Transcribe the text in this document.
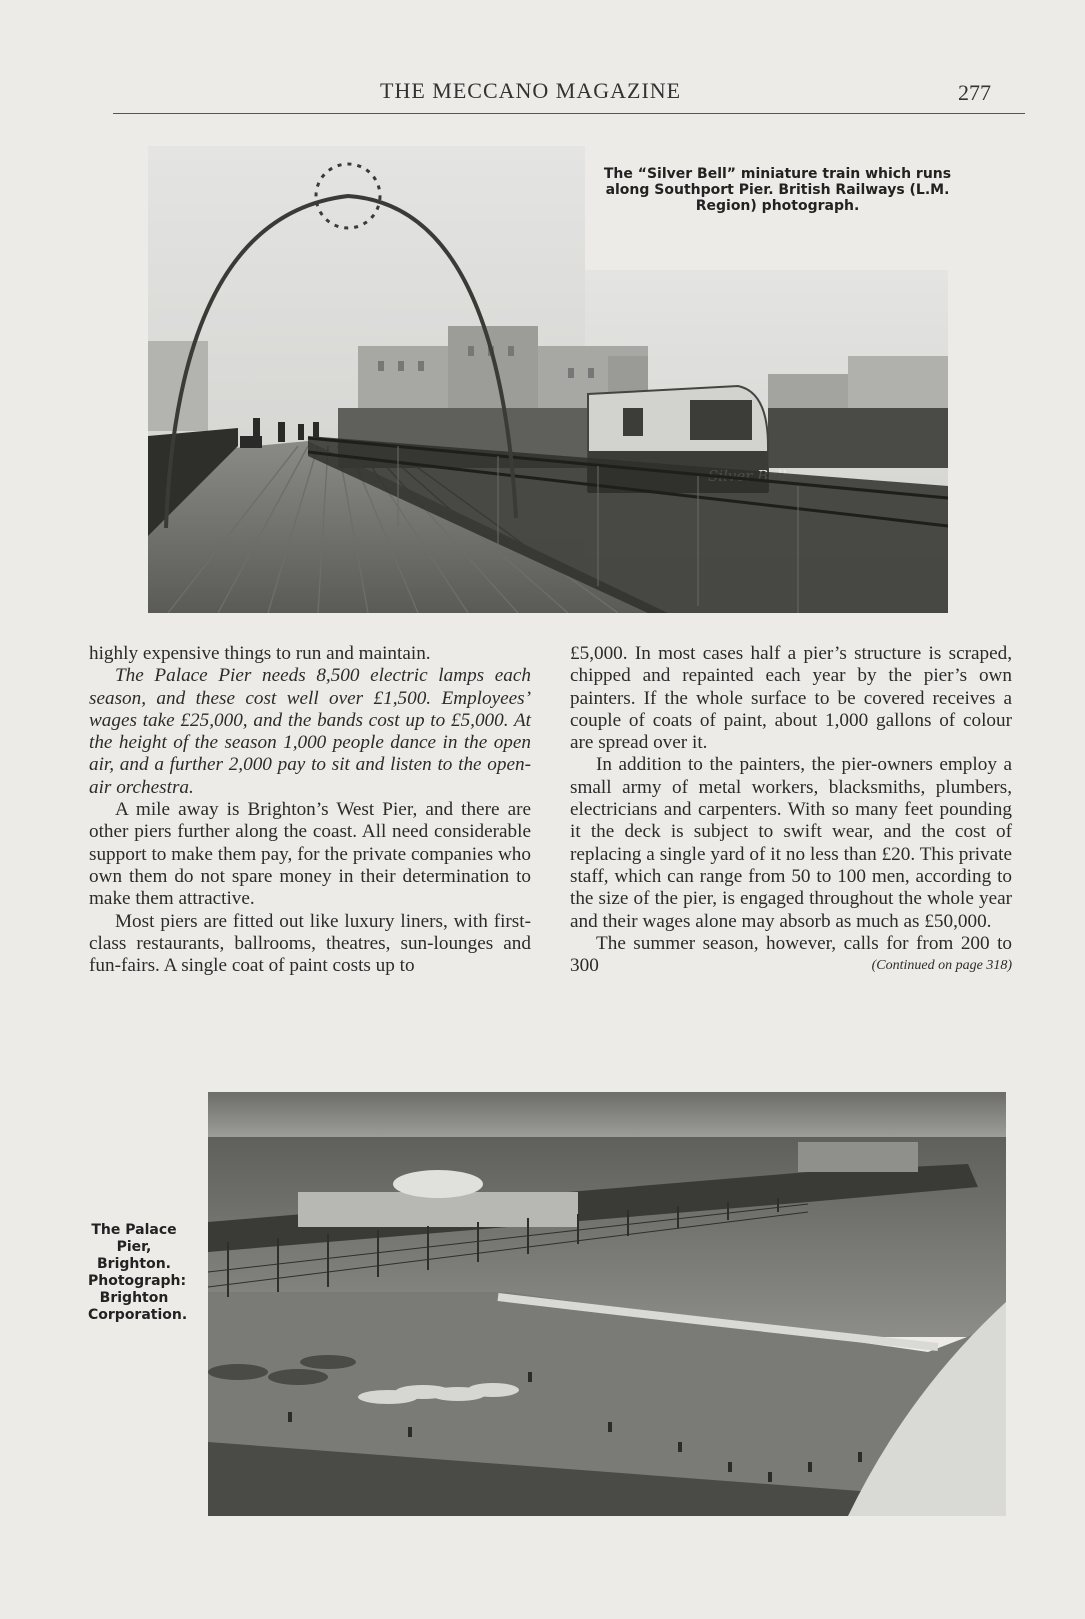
THE MECCANO MAGAZINE	277
The “Silver Bell” miniature train which runs along Southport Pier. British Railways (L.M. Region) photograph.

highly expensive things to run and maintain.

The Palace Pier needs 8,500 electric lamps each season, and these cost well over £1,500. Employees’ wages take £25,000, and the bands cost up to £5,000. At the height of the season 1,000 people dance in the open air, and a further 2,000 pay to sit and listen to the open-air orchestra.

A mile away is Brighton’s West Pier, and there are other piers further along the coast. All need considerable support to make them pay, for the private companies who own them do not spare money in their determination to make them attractive.

Most piers are fitted out like luxury liners, with first-class restaurants, ballrooms, theatres, sun-lounges and fun-fairs. A single coat of paint costs up to

£5,000. In most cases half a pier’s structure is scraped, chipped and repainted each year by the pier’s own painters. If the whole surface to be covered receives a couple of coats of paint, about 1,000 gallons of colour are spread over it.

In addition to the painters, the pier-owners employ a small army of metal workers, blacksmiths, plumbers, electricians and carpenters. With so many feet pounding it the deck is subject to swift wear, and the cost of replacing a single yard of it no less than £20. This private staff, which can range from 50 to 100 men, according to the size of the pier, is engaged throughout the whole year and their wages alone may absorb as much as £50,000.

The summer season, however, calls for from 200 to 300	(Continued on page 318)

The Palace Pier, Brighton. Photograph: Brighton Corporation.
